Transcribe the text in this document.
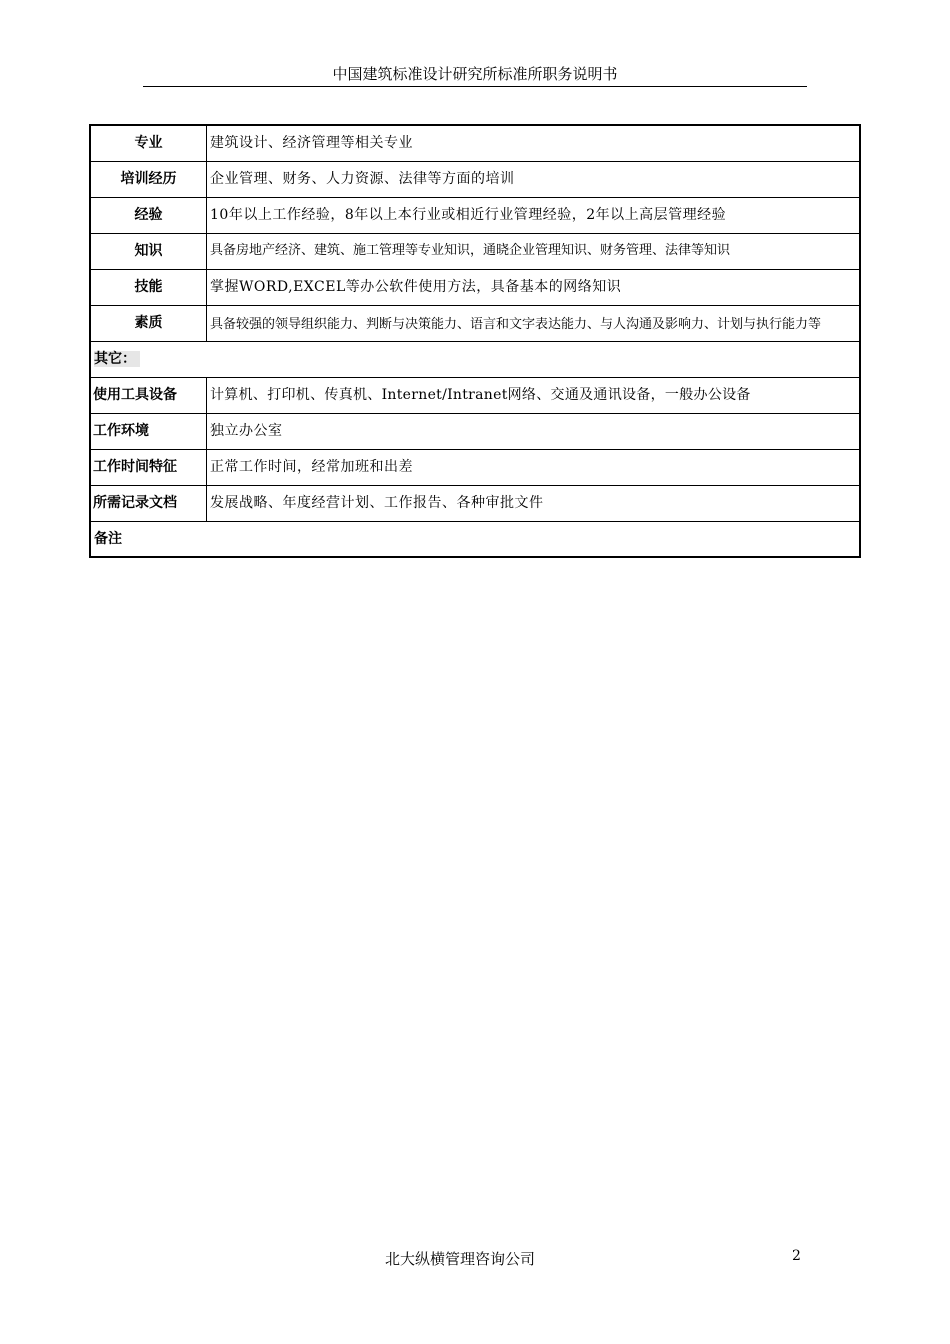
中国建筑标准设计研究所标准所职务说明书
专业	建筑设计、经济管理等相关专业
培训经历	企业管理、财务、人力资源、法律等方面的培训
经验	10年以上工作经验，8年以上本行业或相近行业管理经验，2年以上高层管理经验
知识	具备房地产经济、建筑、施工管理等专业知识，通晓企业管理知识、财务管理、法律等知识
技能	掌握WORD,EXCEL等办公软件使用方法，具备基本的网络知识
素质	具备较强的领导组织能力、判断与决策能力、语言和文字表达能力、与人沟通及影响力、计划与执行能力等
其它：	
使用工具设备	计算机、打印机、传真机、Internet/Intranet网络、交通及通讯设备，一般办公设备
工作环境	独立办公室
工作时间特征	正常工作时间，经常加班和出差
所需记录文档	发展战略、年度经营计划、工作报告、各种审批文件
备注	
北大纵横管理咨询公司	2
